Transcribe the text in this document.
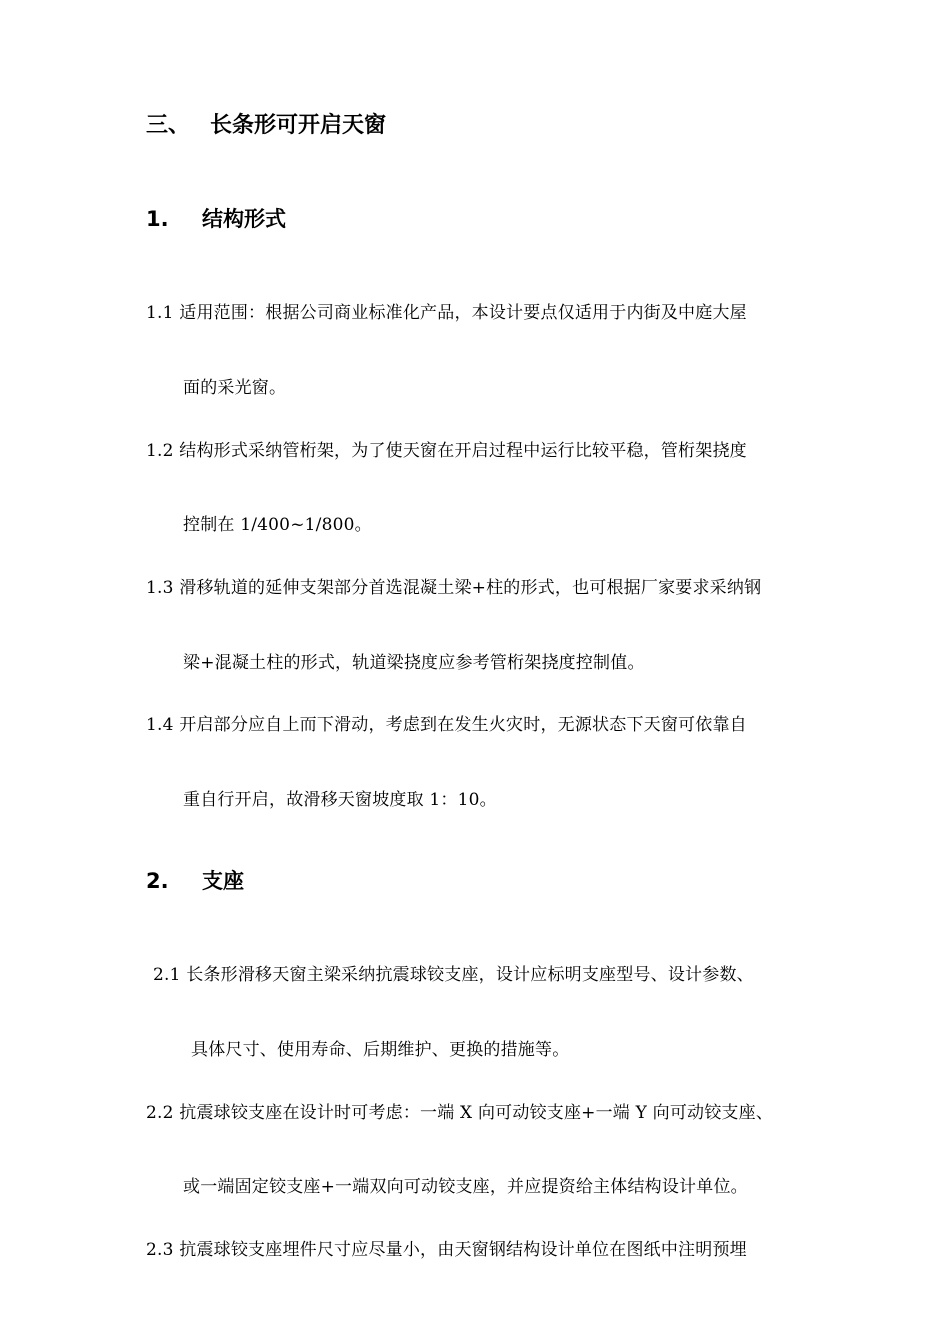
三、 长条形可开启天窗
1. 结构形式
1.1 适用范围：根据公司商业标准化产品，本设计要点仅适用于内街及中庭大屋
面的采光窗。
1.2 结构形式采纳管桁架，为了使天窗在开启过程中运行比较平稳，管桁架挠度
控制在 1/400~1/800。
1.3 滑移轨道的延伸支架部分首选混凝土梁+柱的形式，也可根据厂家要求采纳钢
梁+混凝土柱的形式，轨道梁挠度应参考管桁架挠度控制值。
1.4 开启部分应自上而下滑动，考虑到在发生火灾时，无源状态下天窗可依靠自
重自行开启，故滑移天窗坡度取 1：10。
2. 支座
2.1 长条形滑移天窗主梁采纳抗震球铰支座，设计应标明支座型号、设计参数、
具体尺寸、使用寿命、后期维护、更换的措施等。
2.2 抗震球铰支座在设计时可考虑：一端 X 向可动铰支座+一端 Y 向可动铰支座、
或一端固定铰支座+一端双向可动铰支座，并应提资给主体结构设计单位。
2.3 抗震球铰支座埋件尺寸应尽量小，由天窗钢结构设计单位在图纸中注明预埋
